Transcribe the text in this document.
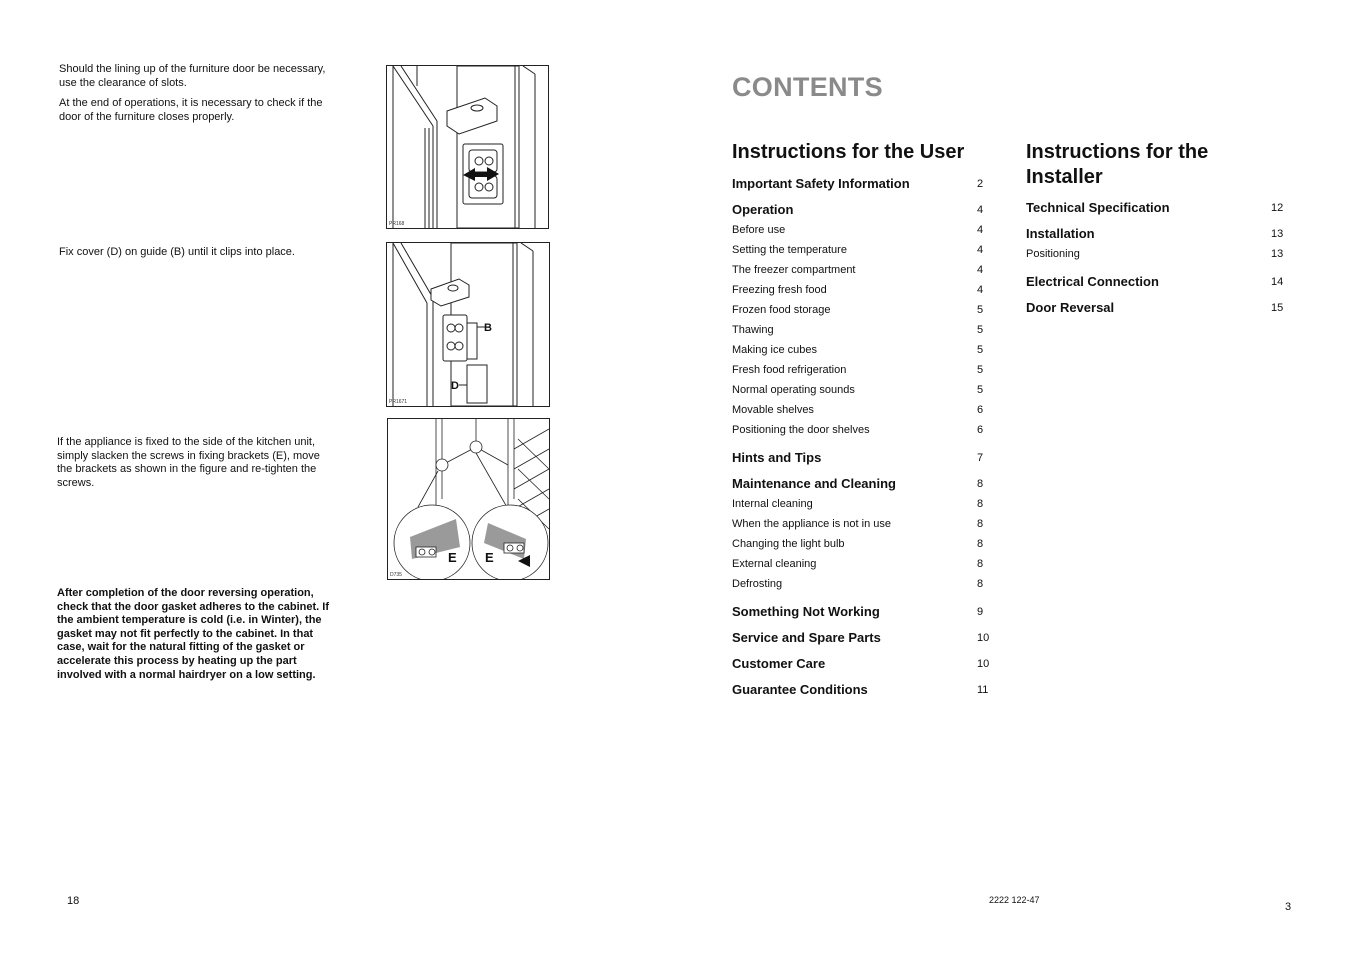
Should the lining up of the furniture door be necessary, use the clearance of slots.

At the end of operations, it is necessary to check if the door of the furniture closes properly.

Fix cover (D) on guide (B) until it clips into place.
If the appliance is fixed to the side of the kitchen unit, simply slacken the screws in fixing brackets (E), move the brackets as shown in the figure and re-tighten the screws.
After completion of the door reversing operation, check that the door gasket adheres to the cabinet. If the ambient temperature is cold (i.e. in Winter), the gasket may not fit perfectly to the cabinet. In that case, wait for the natural fitting of the gasket or accelerate this process by heating up the part involved with a normal hairdryer on a low setting.
PR168
B
D
PR1671
E E
D735
18
CONTENTS
Instructions for the User
Important Safety Information	2
Operation	4
Before use	4
Setting the temperature	4
The freezer compartment	4
Freezing fresh food	4
Frozen food storage	5
Thawing	5
Making ice cubes	5
Fresh food refrigeration	5
Normal operating sounds	5
Movable shelves	6
Positioning the door shelves	6
Hints and Tips	7
Maintenance and Cleaning	8
Internal cleaning	8
When the appliance is not in use	8
Changing the light bulb	8
External cleaning	8
Defrosting	8
Something Not Working	9
Service and Spare Parts	10
Customer Care	10
Guarantee Conditions	11
Instructions for the
Installer
Technical Specification	12
Installation	13
Positioning	13
Electrical Connection	14
Door Reversal	15
2222 122-47
3
